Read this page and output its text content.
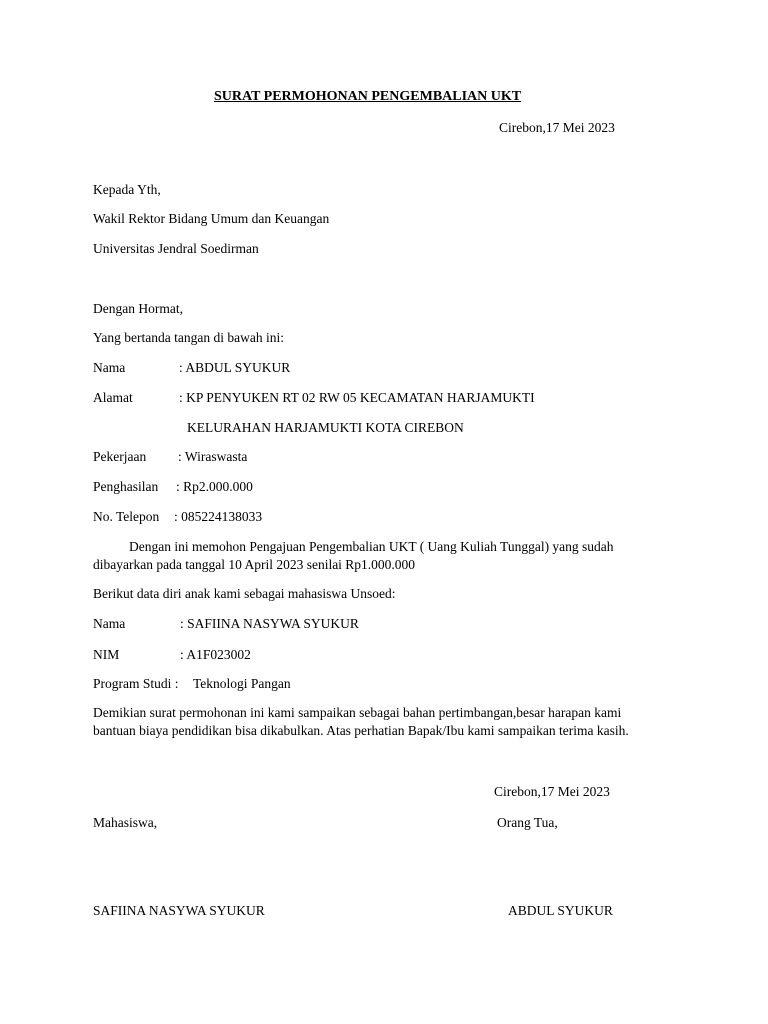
SURAT PERMOHONAN PENGEMBALIAN UKT
Cirebon,17 Mei 2023
Kepada Yth,
Wakil Rektor Bidang Umum dan Keuangan
Universitas Jendral Soedirman
Dengan Hormat,
Yang bertanda tangan di bawah ini:
Nama	: ABDUL SYUKUR
Alamat	: KP PENYUKEN RT 02 RW 05 KECAMATAN HARJAMUKTI
KELURAHAN HARJAMUKTI KOTA CIREBON
Pekerjaan : Wiraswasta
Penghasilan : Rp2.000.000
No. Telepon : 085224138033
Dengan ini memohon Pengajuan Pengembalian UKT ( Uang Kuliah Tunggal) yang sudah
dibayarkan pada tanggal 10 April 2023 senilai Rp1.000.000
Berikut data diri anak kami sebagai mahasiswa Unsoed:
Nama	: SAFIINA NASYWA SYUKUR
NIM	: A1F023002
Program Studi : Teknologi Pangan
Demikian surat permohonan ini kami sampaikan sebagai bahan pertimbangan,besar harapan kami
bantuan biaya pendidikan bisa dikabulkan. Atas perhatian Bapak/Ibu kami sampaikan terima kasih.
Cirebon,17 Mei 2023
Mahasiswa,	Orang Tua,
SAFIINA NASYWA SYUKUR	ABDUL SYUKUR
